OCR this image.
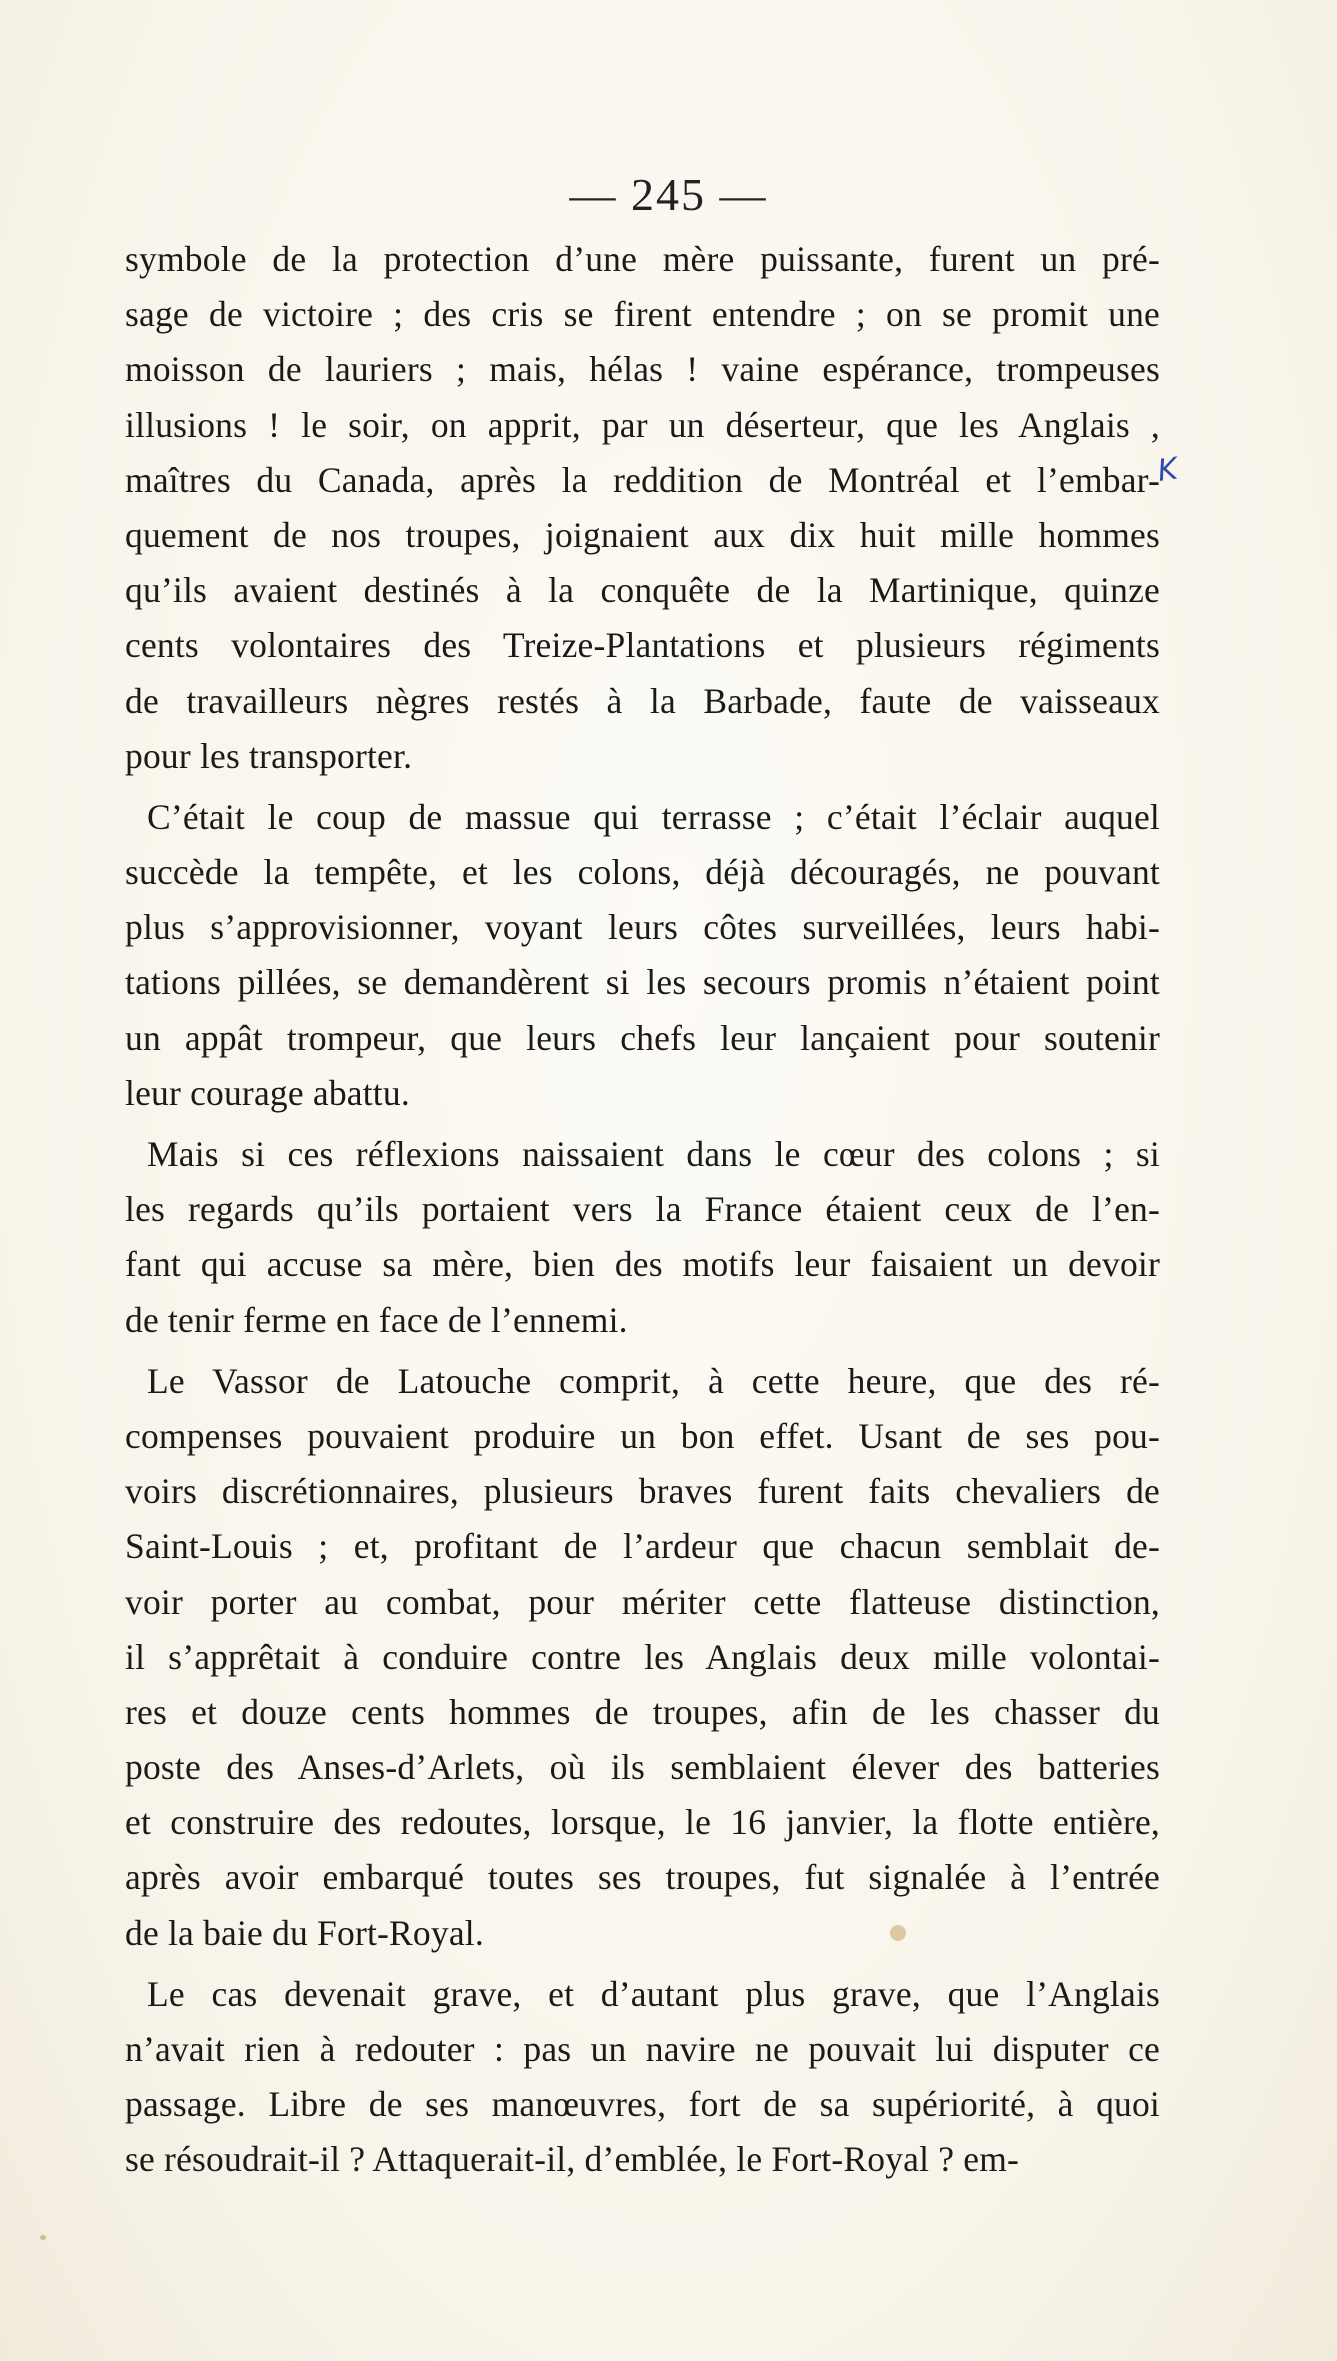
— 245 —
K
symbole de la protection d’une mère puissante, furent un pré-
sage de victoire ; des cris se firent entendre ; on se promit une
moisson de lauriers ; mais, hélas ! vaine espérance, trompeuses
illusions ! le soir, on apprit, par un déserteur, que les Anglais ,
maîtres du Canada, après la reddition de Montréal et l’embar-
quement de nos troupes, joignaient aux dix huit mille hommes
qu’ils avaient destinés à la conquête de la Martinique, quinze
cents volontaires des Treize-Plantations et plusieurs régiments
de travailleurs nègres restés à la Barbade, faute de vaisseaux
pour les transporter.
C’était le coup de massue qui terrasse ; c’était l’éclair auquel
succède la tempête, et les colons, déjà découragés, ne pouvant
plus s’approvisionner, voyant leurs côtes surveillées, leurs habi-
tations pillées, se demandèrent si les secours promis n’étaient point
un appât trompeur, que leurs chefs leur lançaient pour soutenir
leur courage abattu.
Mais si ces réflexions naissaient dans le cœur des colons ; si
les regards qu’ils portaient vers la France étaient ceux de l’en-
fant qui accuse sa mère, bien des motifs leur faisaient un devoir
de tenir ferme en face de l’ennemi.
Le Vassor de Latouche comprit, à cette heure, que des ré-
compenses pouvaient produire un bon effet. Usant de ses pou-
voirs discrétionnaires, plusieurs braves furent faits chevaliers de
Saint-Louis ; et, profitant de l’ardeur que chacun semblait de-
voir porter au combat, pour mériter cette flatteuse distinction,
il s’apprêtait à conduire contre les Anglais deux mille volontai-
res et douze cents hommes de troupes, afin de les chasser du
poste des Anses-d’Arlets, où ils semblaient élever des batteries
et construire des redoutes, lorsque, le 16 janvier, la flotte entière,
après avoir embarqué toutes ses troupes, fut signalée à l’entrée
de la baie du Fort-Royal.
Le cas devenait grave, et d’autant plus grave, que l’Anglais
n’avait rien à redouter : pas un navire ne pouvait lui disputer ce
passage. Libre de ses manœuvres, fort de sa supériorité, à quoi
se résoudrait-il ? Attaquerait-il, d’emblée, le Fort-Royal ? em-
